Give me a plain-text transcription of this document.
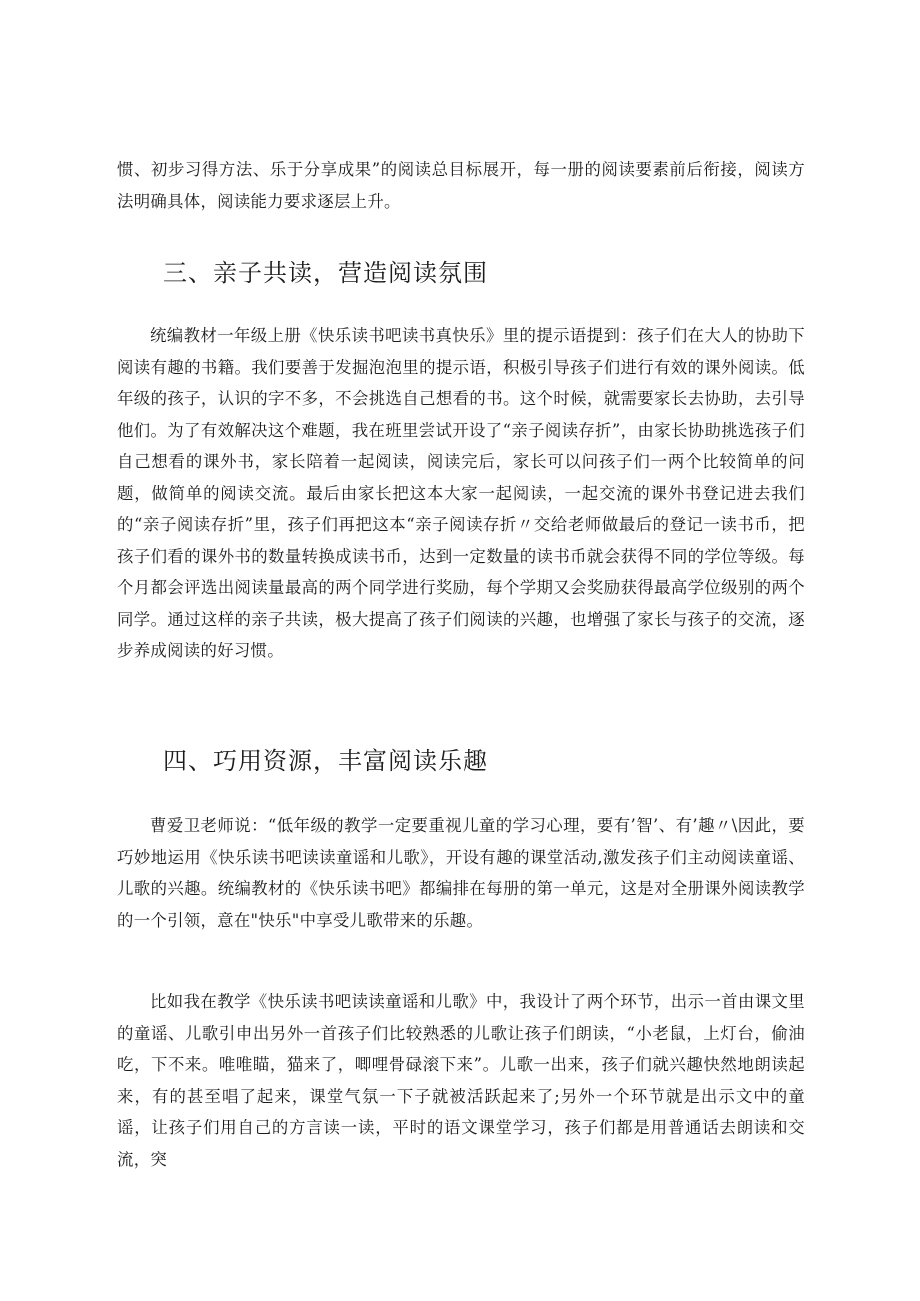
惯、初步习得方法、乐于分享成果”的阅读总目标展开，每一册的阅读要素前后衔接，阅读方法明确具体，阅读能力要求逐层上升。

三、亲子共读，营造阅读氛围

统编教材一年级上册《快乐读书吧读书真快乐》里的提示语提到：孩子们在大人的协助下阅读有趣的书籍。我们要善于发掘泡泡里的提示语，积极引导孩子们进行有效的课外阅读。低年级的孩子，认识的字不多，不会挑选自己想看的书。这个时候，就需要家长去协助，去引导他们。为了有效解决这个难题，我在班里尝试开设了“亲子阅读存折”，由家长协助挑选孩子们自己想看的课外书，家长陪着一起阅读，阅读完后，家长可以问孩子们一两个比较简单的问题，做简单的阅读交流。最后由家长把这本大家一起阅读，一起交流的课外书登记进去我们的“亲子阅读存折”里，孩子们再把这本“亲子阅读存折〃交给老师做最后的登记一读书币，把孩子们看的课外书的数量转换成读书币，达到一定数量的读书币就会获得不同的学位等级。每个月都会评选出阅读量最高的两个同学进行奖励，每个学期又会奖励获得最高学位级别的两个同学。通过这样的亲子共读，极大提高了孩子们阅读的兴趣，也增强了家长与孩子的交流，逐步养成阅读的好习惯。

四、巧用资源，丰富阅读乐趣

曹爱卫老师说：“低年级的教学一定要重视儿童的学习心理，要有’智’、有’趣〃\因此，要巧妙地运用《快乐读书吧读读童谣和儿歌》，开设有趣的课堂活动,激发孩子们主动阅读童谣、儿歌的兴趣。统编教材的《快乐读书吧》都编排在每册的第一单元，这是对全册课外阅读教学的一个引领，意在"快乐"中享受儿歌带来的乐趣。

比如我在教学《快乐读书吧读读童谣和儿歌》中，我设计了两个环节，出示一首由课文里的童谣、儿歌引申出另外一首孩子们比较熟悉的儿歌让孩子们朗读，“小老鼠，上灯台，偷油吃，下不来。唯唯瞄，猫来了，唧哩骨碌滚下来”。儿歌一出来，孩子们就兴趣快然地朗读起来，有的甚至唱了起来，课堂气氛一下子就被活跃起来了;另外一个环节就是出示文中的童谣，让孩子们用自己的方言读一读，平时的语文课堂学习，孩子们都是用普通话去朗读和交流，突
